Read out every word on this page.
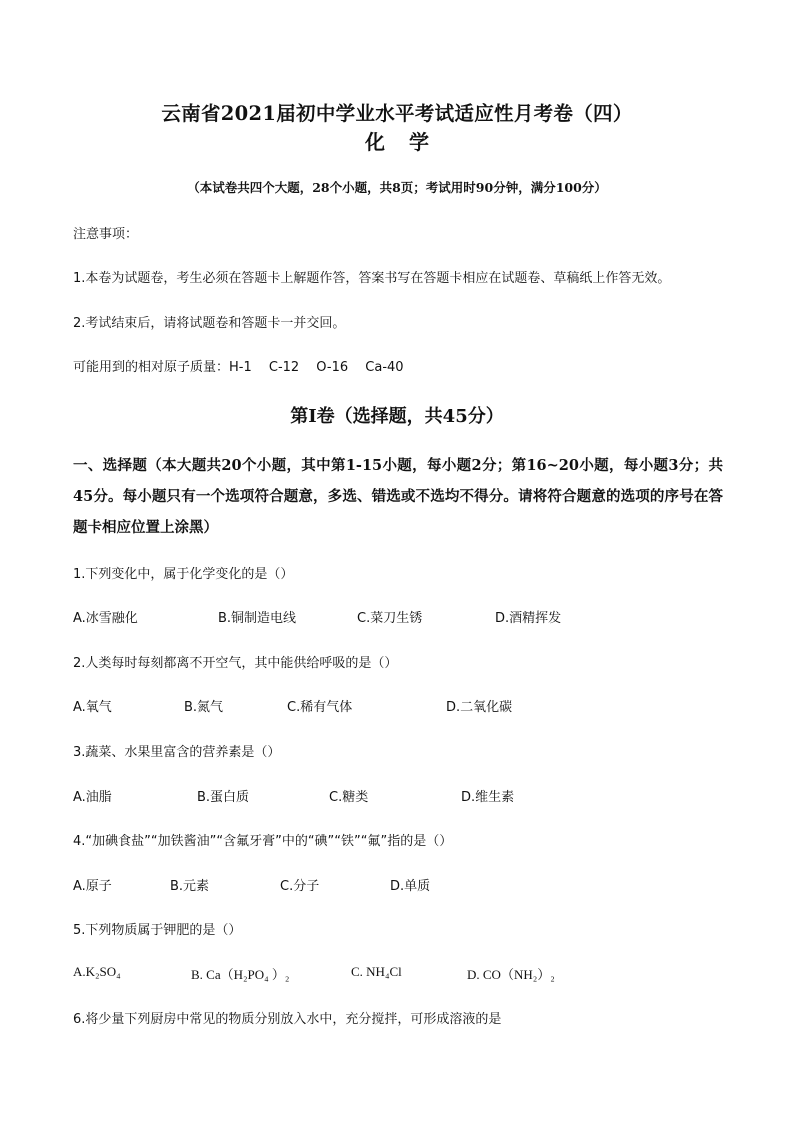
云南省2021届初中学业水平考试适应性月考卷（四）
化学
（本试卷共四个大题，28个小题，共8页；考试用时90分钟，满分100分）
注意事项：
1.本卷为试题卷，考生必须在答题卡上解题作答，答案书写在答题卡相应在试题卷、草稿纸上作答无效。
2.考试结束后，请将试题卷和答题卡一并交回。
可能用到的相对原子质量：H-1　 C-12　 O-16　 Ca-40
第Ⅰ卷（选择题，共45分）
一、选择题（本大题共20个小题，其中第1-15小题，每小题2分；第16~20小题，每小题3分；共45分。每小题只有一个选项符合题意，多选、错选或不选均不得分。请将符合题意的选项的序号在答题卡相应位置上涂黑）
1.下列变化中，属于化学变化的是（）
A.冰雪融化	B.铜制造电线	C.菜刀生锈	D.酒精挥发
2.人类每时每刻都离不开空气，其中能供给呼吸的是（）
A.氧气	B.氮气	C.稀有气体	D.二氧化碳
3.蔬菜、水果里富含的营养素是（）
A.油脂	B.蛋白质	C.糖类	D.维生素
4.“加碘食盐”“加铁酱油”“含氟牙膏”中的“碘”“铁”“氟”指的是（）
A.原子	B.元素	C.分子	D.单质
5.下列物质属于钾肥的是（）
A.K₂SO₄	B. Ca（H₂PO₄ ）₂	C. NH₄Cl	D. CO（NH₂）₂
6.将少量下列厨房中常见的物质分别放入水中，充分搅拌，可形成溶液的是
